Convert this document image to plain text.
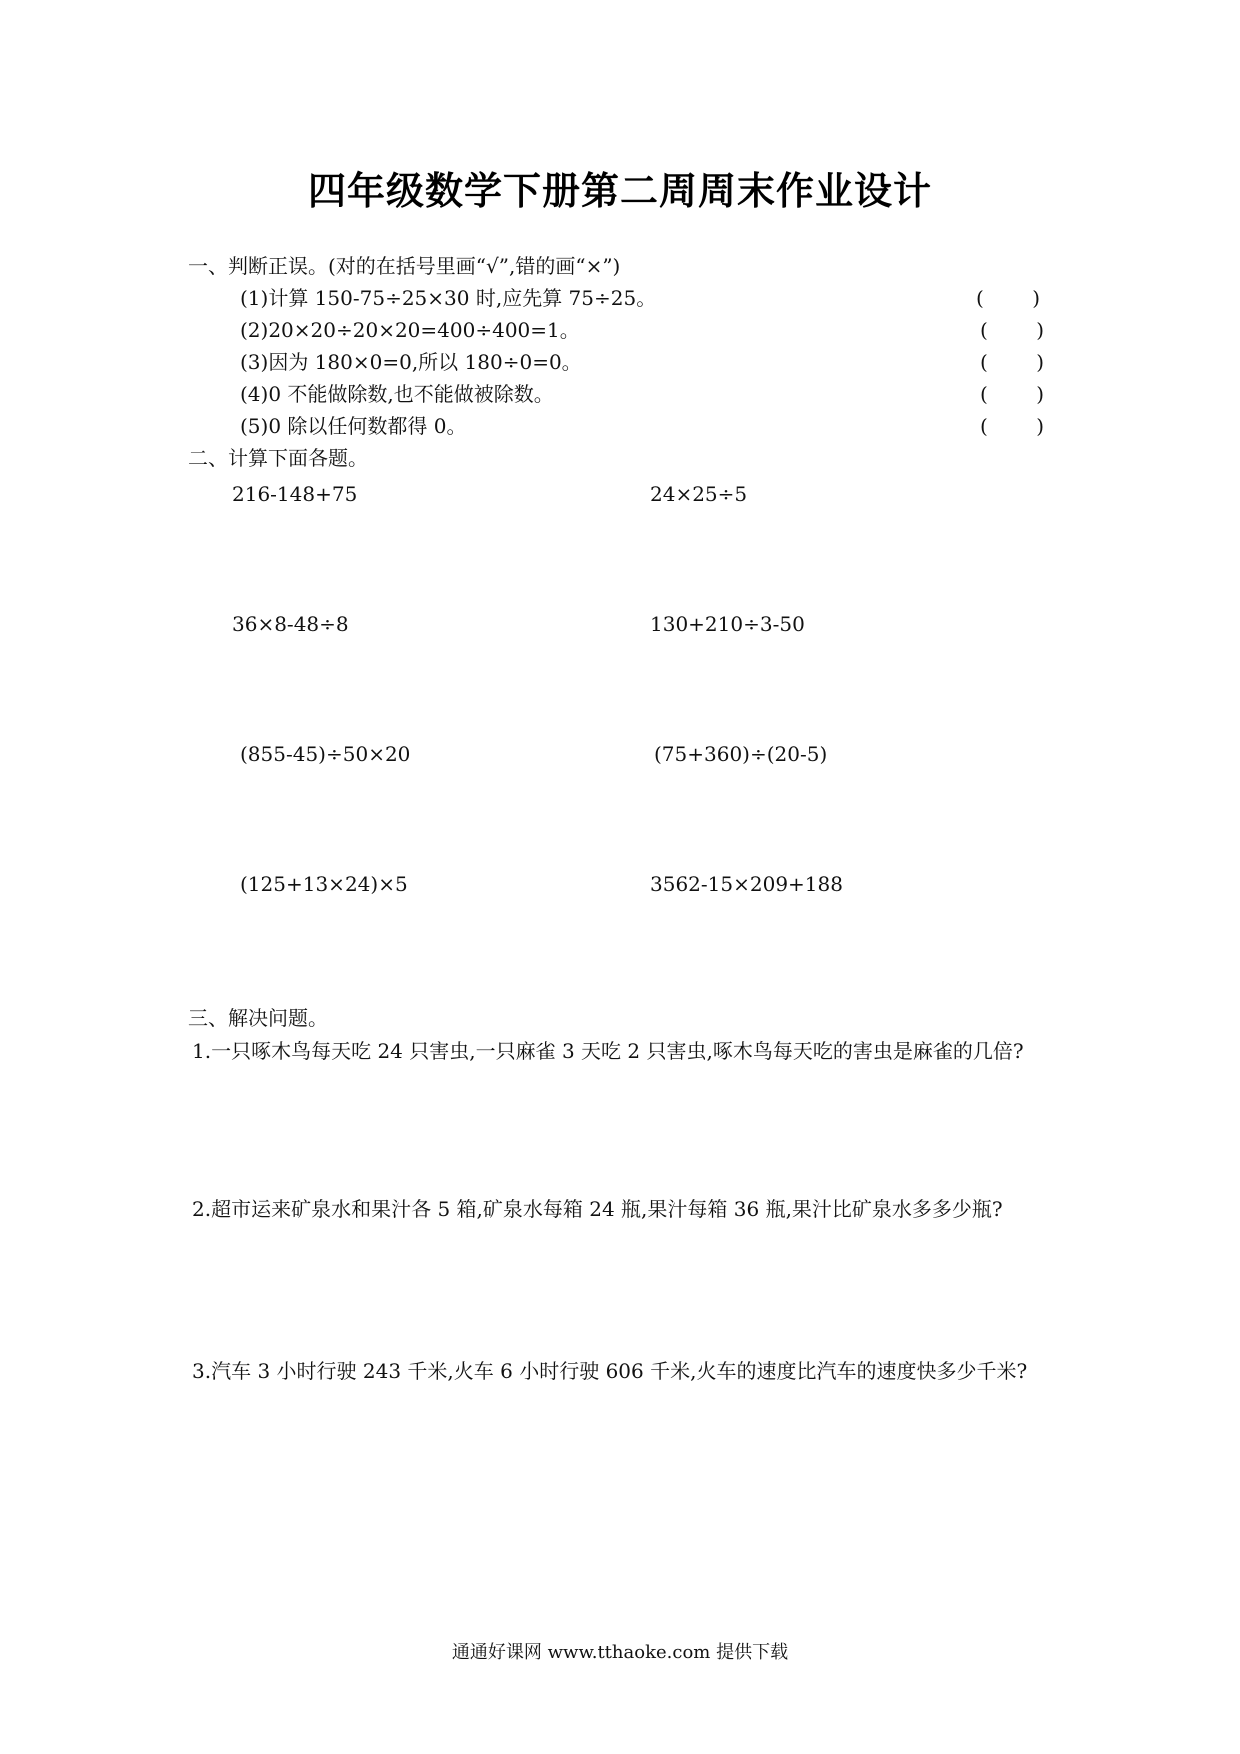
四年级数学下册第二周周末作业设计
一、判断正误。(对的在括号里画“√”,错的画“×”)
(1)计算 150-75÷25×30 时,应先算 75÷25。	( )
(2)20×20÷20×20=400÷400=1。	( )
(3)因为 180×0=0,所以 180÷0=0。	( )
(4)0 不能做除数,也不能做被除数。	( )
(5)0 除以任何数都得 0。	( )
二、计算下面各题。
216-148+75	24×25÷5
36×8-48÷8	130+210÷3-50
(855-45)÷50×20	(75+360)÷(20-5)
(125+13×24)×5	3562-15×209+188
三、解决问题。
1.一只啄木鸟每天吃 24 只害虫,一只麻雀 3 天吃 2 只害虫,啄木鸟每天吃的害虫是麻雀的几倍?
2.超市运来矿泉水和果汁各 5 箱,矿泉水每箱 24 瓶,果汁每箱 36 瓶,果汁比矿泉水多多少瓶?
3.汽车 3 小时行驶 243 千米,火车 6 小时行驶 606 千米,火车的速度比汽车的速度快多少千米?
通通好课网 www.tthaoke.com 提供下载
